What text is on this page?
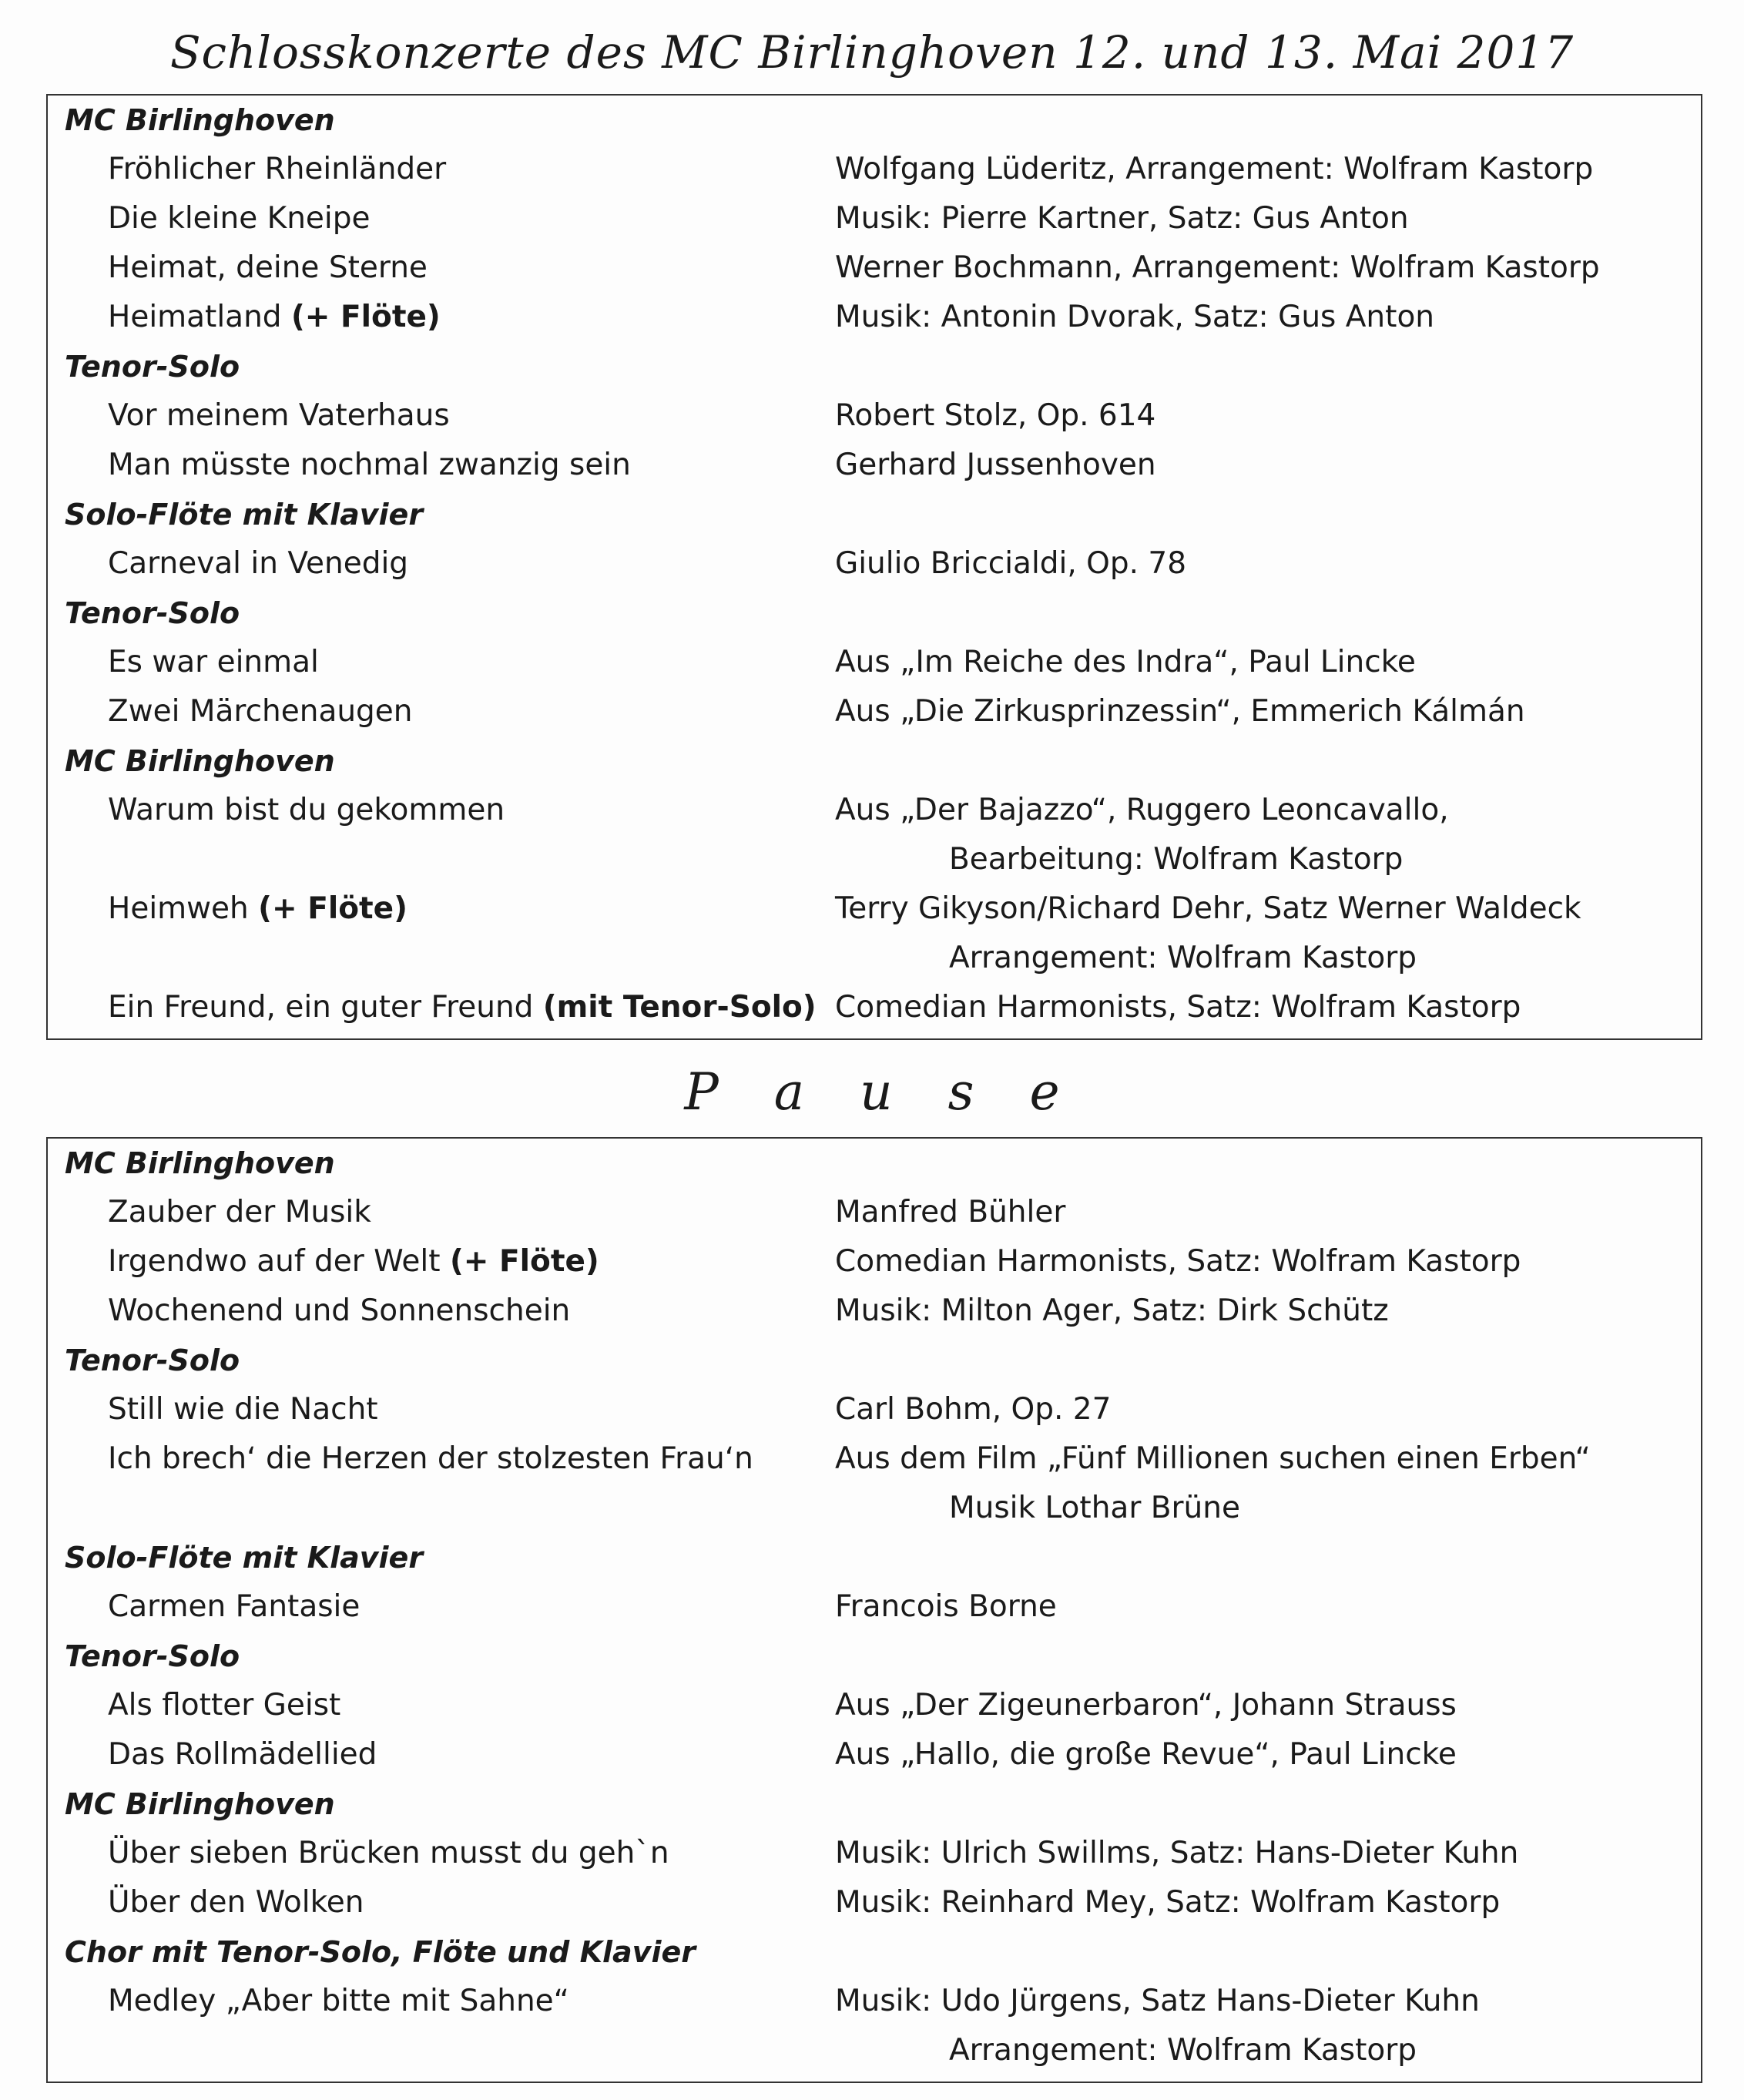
Schlosskonzerte des MC Birlinghoven 12. und 13. Mai 2017
MC Birlinghoven
Fröhlicher Rheinländer	Wolfgang Lüderitz, Arrangement: Wolfram Kastorp
Die kleine Kneipe	Musik: Pierre Kartner, Satz: Gus Anton
Heimat, deine Sterne	Werner Bochmann, Arrangement: Wolfram Kastorp
Heimatland (+ Flöte)	Musik: Antonin Dvorak, Satz: Gus Anton
Tenor-Solo
Vor meinem Vaterhaus	Robert Stolz, Op. 614
Man müsste nochmal zwanzig sein	Gerhard Jussenhoven
Solo-Flöte mit Klavier
Carneval in Venedig	Giulio Briccialdi, Op. 78
Tenor-Solo
Es war einmal	Aus „Im Reiche des Indra“, Paul Lincke
Zwei Märchenaugen	Aus „Die Zirkusprinzessin“, Emmerich Kálmán
MC Birlinghoven
Warum bist du gekommen	Aus „Der Bajazzo“, Ruggero Leoncavallo,
Bearbeitung: Wolfram Kastorp
Heimweh (+ Flöte)	Terry Gikyson/Richard Dehr, Satz Werner Waldeck
Arrangement: Wolfram Kastorp
Ein Freund, ein guter Freund (mit Tenor-Solo) Comedian Harmonists, Satz: Wolfram Kastorp
P a u s e
MC Birlinghoven
Zauber der Musik	Manfred Bühler
Irgendwo auf der Welt (+ Flöte)	Comedian Harmonists, Satz: Wolfram Kastorp
Wochenend und Sonnenschein	Musik: Milton Ager, Satz: Dirk Schütz
Tenor-Solo
Still wie die Nacht	Carl Bohm, Op. 27
Ich brech‘ die Herzen der stolzesten Frau‘n	Aus dem Film „Fünf Millionen suchen einen Erben“
Musik Lothar Brüne
Solo-Flöte mit Klavier
Carmen Fantasie	Francois Borne
Tenor-Solo
Als flotter Geist	Aus „Der Zigeunerbaron“, Johann Strauss
Das Rollmädellied	Aus „Hallo, die große Revue“, Paul Lincke
MC Birlinghoven
Über sieben Brücken musst du geh`n	Musik: Ulrich Swillms, Satz: Hans-Dieter Kuhn
Über den Wolken	Musik: Reinhard Mey, Satz: Wolfram Kastorp
Chor mit Tenor-Solo, Flöte und Klavier
Medley „Aber bitte mit Sahne“	Musik: Udo Jürgens, Satz Hans-Dieter Kuhn
Arrangement: Wolfram Kastorp
